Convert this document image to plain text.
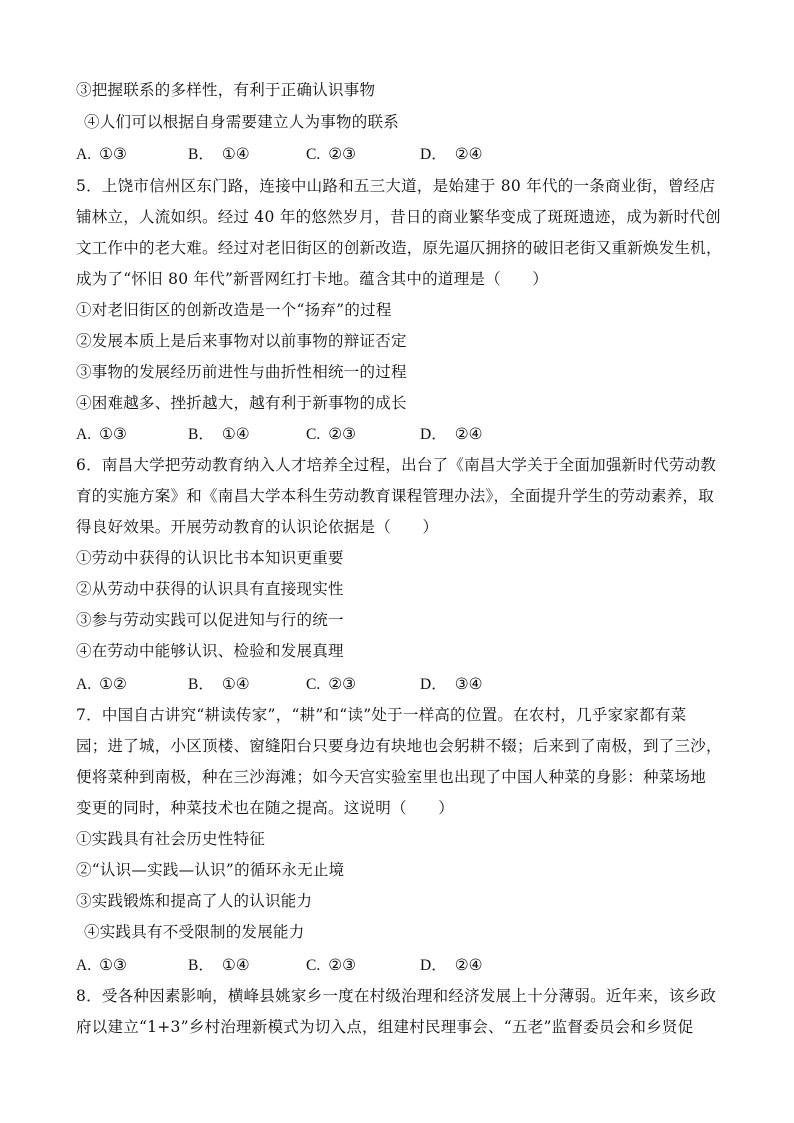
③把握联系的多样性，有利于正确认识事物
④人们可以根据自身需要建立人为事物的联系
A. ①③	B． ①④	C. ②③	D． ②④
5．上饶市信州区东门路，连接中山路和五三大道，是始建于 80 年代的一条商业街，曾经店
铺林立，人流如织。经过 40 年的悠然岁月，昔日的商业繁华变成了斑斑遗迹，成为新时代创
文工作中的老大难。经过对老旧街区的创新改造，原先逼仄拥挤的破旧老街又重新焕发生机，
成为了“怀旧 80 年代”新晋网红打卡地。蕴含其中的道理是（　　）
①对老旧街区的创新改造是一个“扬弃”的过程
②发展本质上是后来事物对以前事物的辩证否定
③事物的发展经历前进性与曲折性相统一的过程
④困难越多、挫折越大，越有利于新事物的成长
A. ①③	B． ①④	C. ②③	D． ②④
6．南昌大学把劳动教育纳入人才培养全过程，出台了《南昌大学关于全面加强新时代劳动教
育的实施方案》和《南昌大学本科生劳动教育课程管理办法》，全面提升学生的劳动素养，取
得良好效果。开展劳动教育的认识论依据是（　　）
①劳动中获得的认识比书本知识更重要
②从劳动中获得的认识具有直接现实性
③参与劳动实践可以促进知与行的统一
④在劳动中能够认识、检验和发展真理
A. ①②	B． ①④	C. ②③	D． ③④
7．中国自古讲究“耕读传家”，“耕”和“读”处于一样高的位置。在农村，几乎家家都有菜
园；进了城，小区顶楼、窗缝阳台只要身边有块地也会躬耕不辍；后来到了南极，到了三沙，
便将菜种到南极，种在三沙海滩；如今天宫实验室里也出现了中国人种菜的身影：种菜场地
变更的同时，种菜技术也在随之提高。这说明（　　）
①实践具有社会历史性特征
②“认识—实践—认识”的循环永无止境
③实践锻炼和提高了人的认识能力
④实践具有不受限制的发展能力
A. ①③	B． ①④	C. ②③	D． ②④
8．受各种因素影响，横峰县姚家乡一度在村级治理和经济发展上十分薄弱。近年来，该乡政
府以建立“1+3”乡村治理新模式为切入点，组建村民理事会、“五老”监督委员会和乡贤促
